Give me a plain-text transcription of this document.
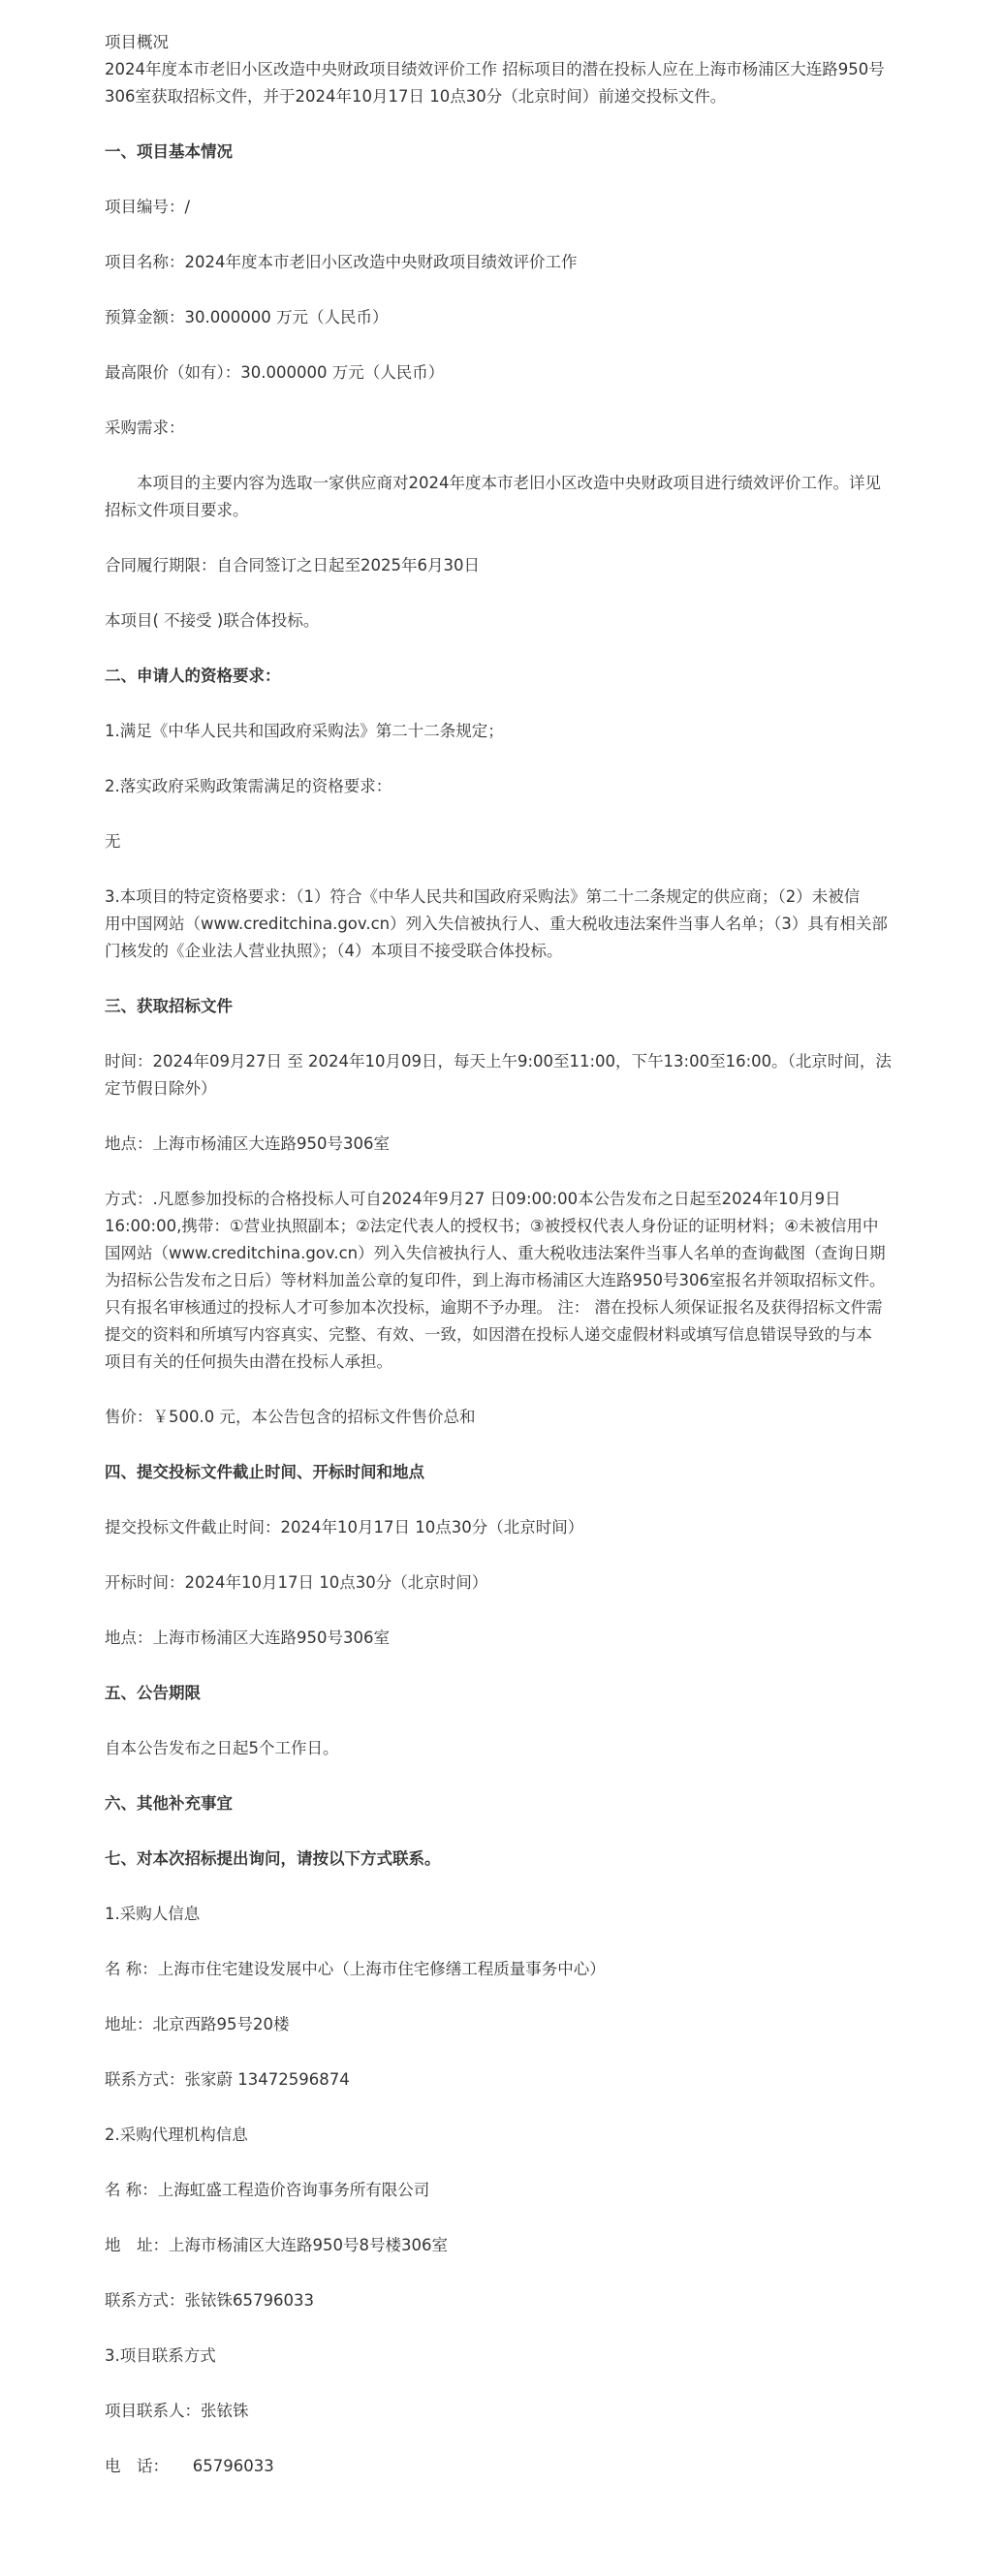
项目概况
2024年度本市老旧小区改造中央财政项目绩效评价工作 招标项目的潜在投标人应在上海市杨浦区大连路950号
306室获取招标文件，并于2024年10月17日 10点30分（北京时间）前递交投标文件。
一、项目基本情况
项目编号：/
项目名称：2024年度本市老旧小区改造中央财政项目绩效评价工作
预算金额：30.000000 万元（人民币）
最高限价（如有）：30.000000 万元（人民币）
采购需求：
本项目的主要内容为选取一家供应商对2024年度本市老旧小区改造中央财政项目进行绩效评价工作。详见
招标文件项目要求。
合同履行期限：自合同签订之日起至2025年6月30日
本项目( 不接受 )联合体投标。
二、申请人的资格要求：
1.满足《中华人民共和国政府采购法》第二十二条规定；
2.落实政府采购政策需满足的资格要求：
无
3.本项目的特定资格要求：（1）符合《中华人民共和国政府采购法》第二十二条规定的供应商；（2）未被信
用中国网站（www.creditchina.gov.cn）列入失信被执行人、重大税收违法案件当事人名单；（3）具有相关部
门核发的《企业法人营业执照》；（4）本项目不接受联合体投标。
三、获取招标文件
时间：2024年09月27日 至 2024年10月09日，每天上午9:00至11:00，下午13:00至16:00。（北京时间，法
定节假日除外）
地点：上海市杨浦区大连路950号306室
方式：.凡愿参加投标的合格投标人可自2024年9月27 日09:00:00本公告发布之日起至2024年10月9日
16:00:00,携带：①营业执照副本；②法定代表人的授权书；③被授权代表人身份证的证明材料；④未被信用中
国网站（www.creditchina.gov.cn）列入失信被执行人、重大税收违法案件当事人名单的查询截图（查询日期
为招标公告发布之日后）等材料加盖公章的复印件，到上海市杨浦区大连路950号306室报名并领取招标文件。
只有报名审核通过的投标人才可参加本次投标，逾期不予办理。 注： 潜在投标人须保证报名及获得招标文件需
提交的资料和所填写内容真实、完整、有效、一致，如因潜在投标人递交虚假材料或填写信息错误导致的与本
项目有关的任何损失由潜在投标人承担。
售价：￥500.0 元，本公告包含的招标文件售价总和
四、提交投标文件截止时间、开标时间和地点
提交投标文件截止时间：2024年10月17日 10点30分（北京时间）
开标时间：2024年10月17日 10点30分（北京时间）
地点：上海市杨浦区大连路950号306室
五、公告期限
自本公告发布之日起5个工作日。
六、其他补充事宜
七、对本次招标提出询问，请按以下方式联系。
1.采购人信息
名 称：上海市住宅建设发展中心（上海市住宅修缮工程质量事务中心）
地址：北京西路95号20楼
联系方式：张家蔚 13472596874
2.采购代理机构信息
名 称：上海虹盛工程造价咨询事务所有限公司
地　址：上海市杨浦区大连路950号8号楼306室
联系方式：张铱铢65796033
3.项目联系方式
项目联系人：张铱铢
电　话：　　65796033
